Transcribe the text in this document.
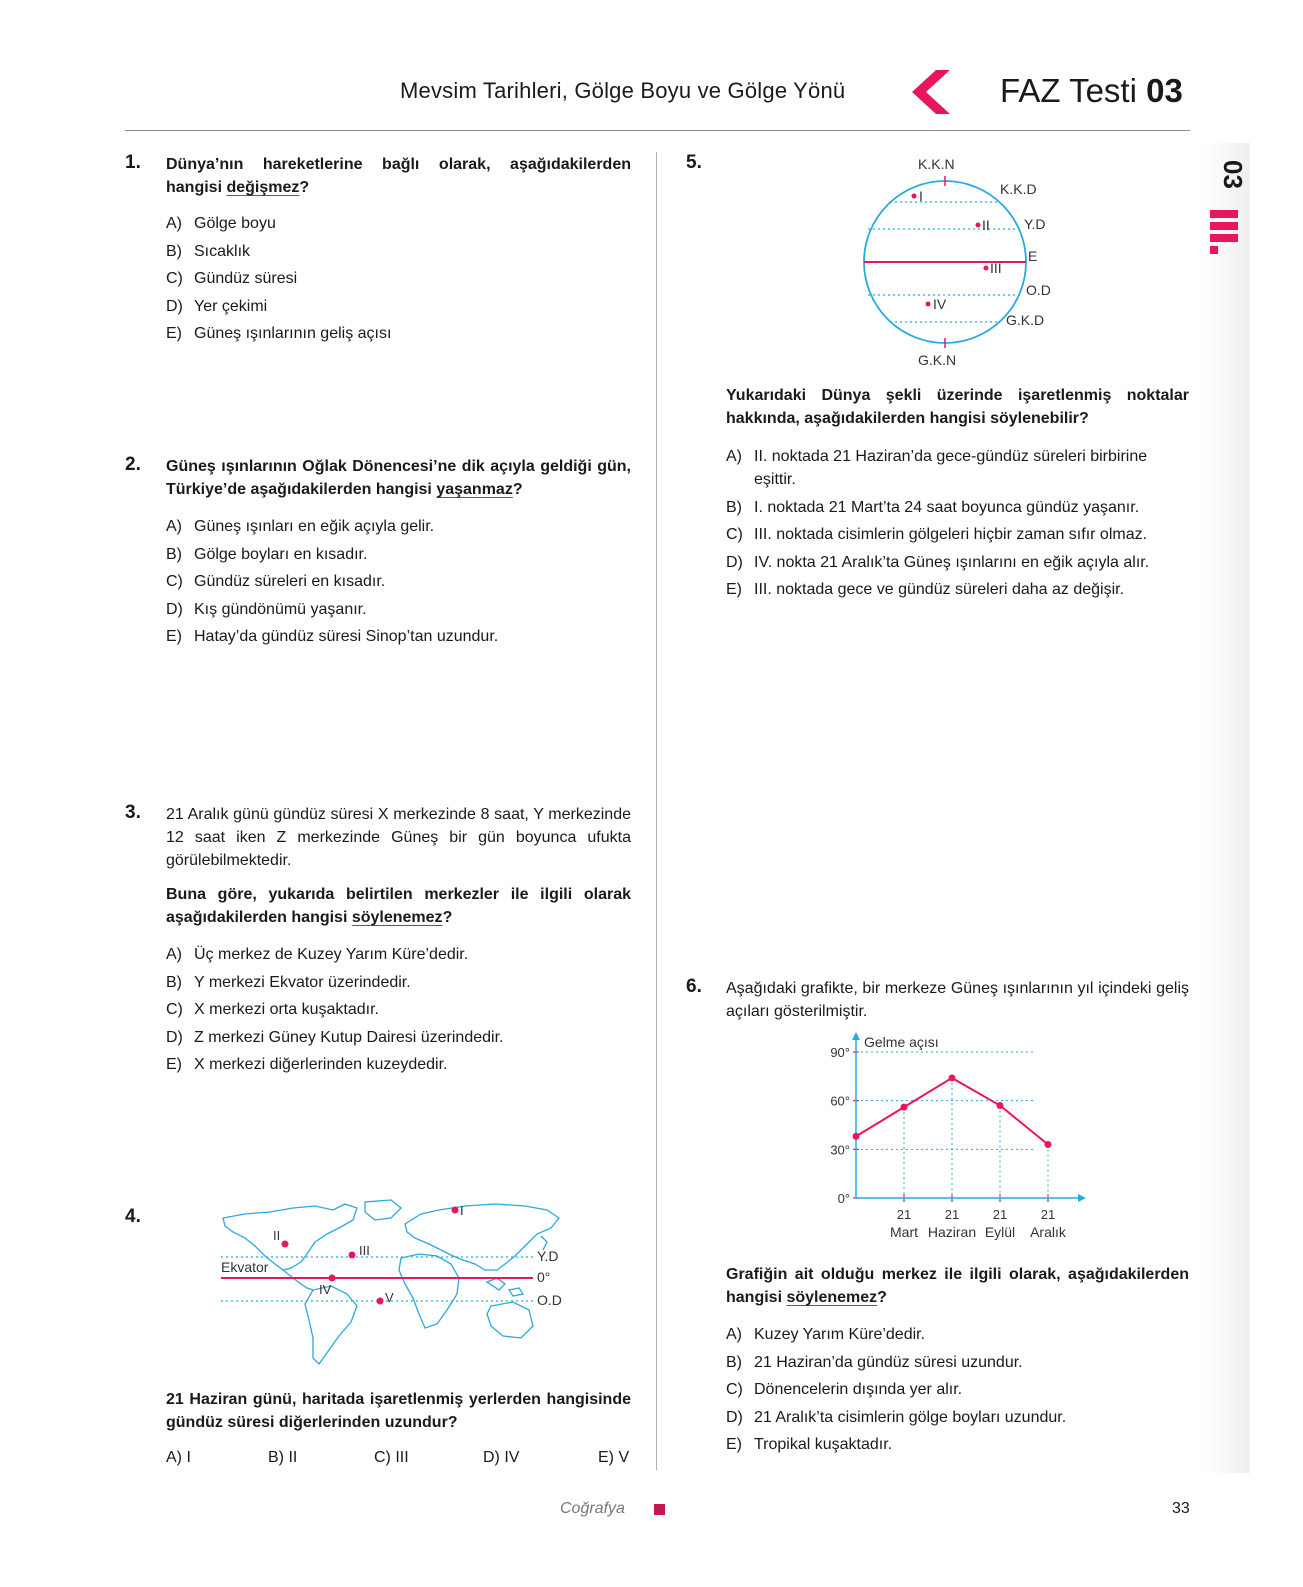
Mevsim Tarihleri, Gölge Boyu ve Gölge Yönü	FAZ Testi 03
03
1. Dünya’nın hareketlerine bağlı olarak, aşağıdakilerden hangisi değişmez?
A) Gölge boyu
B) Sıcaklık
C) Gündüz süresi
D) Yer çekimi
E) Güneş ışınlarının geliş açısı
2. Güneş ışınlarının Oğlak Dönencesi’ne dik açıyla geldiği gün, Türkiye’de aşağıdakilerden hangisi yaşanmaz?
A) Güneş ışınları en eğik açıyla gelir.
B) Gölge boyları en kısadır.
C) Gündüz süreleri en kısadır.
D) Kış gündönümü yaşanır.
E) Hatay’da gündüz süresi Sinop’tan uzundur.
3. 21 Aralık günü gündüz süresi X merkezinde 8 saat, Y merkezinde 12 saat iken Z merkezinde Güneş bir gün boyunca ufukta görülebilmektedir.
Buna göre, yukarıda belirtilen merkezler ile ilgili olarak aşağıdakilerden hangisi söylenemez?
A) Üç merkez de Kuzey Yarım Küre’dedir.
B) Y merkezi Ekvator üzerindedir.
C) X merkezi orta kuşaktadır.
D) Z merkezi Güney Kutup Dairesi üzerindedir.
E) X merkezi diğerlerinden kuzeydedir.
4.	I
II
III
IV
V
Ekvator
Y.D
0°
O.D
21 Haziran günü, haritada işaretlenmiş yerlerden hangisinde gündüz süresi diğerlerinden uzundur?
A) I	B) II	C) III	D) IV	E) V
5.	K.K.N
K.K.D
Y.D
E
O.D
G.K.D
G.K.N
I
II
III
IV
Yukarıdaki Dünya şekli üzerinde işaretlenmiş noktalar hakkında, aşağıdakilerden hangisi söylenebilir?
A) II. noktada 21 Haziran’da gece-gündüz süreleri birbirine eşittir.
B) I. noktada 21 Mart’ta 24 saat boyunca gündüz yaşanır.
C) III. noktada cisimlerin gölgeleri hiçbir zaman sıfır olmaz.
D) IV. nokta 21 Aralık’ta Güneş ışınlarını en eğik açıyla alır.
E) III. noktada gece ve gündüz süreleri daha az değişir.
6. Aşağıdaki grafikte, bir merkeze Güneş ışınlarının yıl içindeki geliş açıları gösterilmiştir.
Gelme açısı
0°
30°
60°
90°
21
Mart
21
Haziran
21
Eylül
21
Aralık
Grafiğin ait olduğu merkez ile ilgili olarak, aşağıdakilerden hangisi söylenemez?
A) Kuzey Yarım Küre’dedir.
B) 21 Haziran’da gündüz süresi uzundur.
C) Dönencelerin dışında yer alır.
D) 21 Aralık’ta cisimlerin gölge boyları uzundur.
E) Tropikal kuşaktadır.
Coğrafya	33
